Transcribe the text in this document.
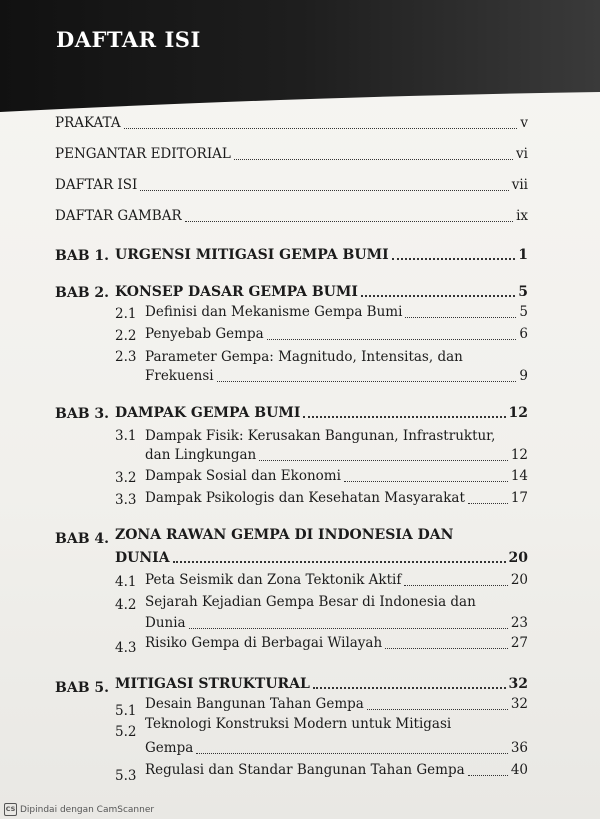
DAFTAR ISI
PRAKATA	v
PENGANTAR EDITORIAL	vi
DAFTAR ISI	vii
DAFTAR GAMBAR	ix
BAB 1. URGENSI MITIGASI GEMPA BUMI	1
BAB 2. KONSEP DASAR GEMPA BUMI	5
2.1 Definisi dan Mekanisme Gempa Bumi	5
2.2 Penyebab Gempa	6
2.3 Parameter Gempa: Magnitudo, Intensitas, dan
Frekuensi	9
BAB 3. DAMPAK GEMPA BUMI	12
3.1 Dampak Fisik: Kerusakan Bangunan, Infrastruktur,
dan Lingkungan	12
3.2 Dampak Sosial dan Ekonomi	14
3.3 Dampak Psikologis dan Kesehatan Masyarakat	17
BAB 4. ZONA RAWAN GEMPA DI INDONESIA DAN
DUNIA	20
4.1 Peta Seismik dan Zona Tektonik Aktif	20
4.2 Sejarah Kejadian Gempa Besar di Indonesia dan
Dunia	23
4.3 Risiko Gempa di Berbagai Wilayah	27
BAB 5. MITIGASI STRUKTURAL	32
5.1 Desain Bangunan Tahan Gempa	32
5.2 Teknologi Konstruksi Modern untuk Mitigasi
Gempa	36
5.3 Regulasi dan Standar Bangunan Tahan Gempa	40
CS Dipindai dengan CamScanner
